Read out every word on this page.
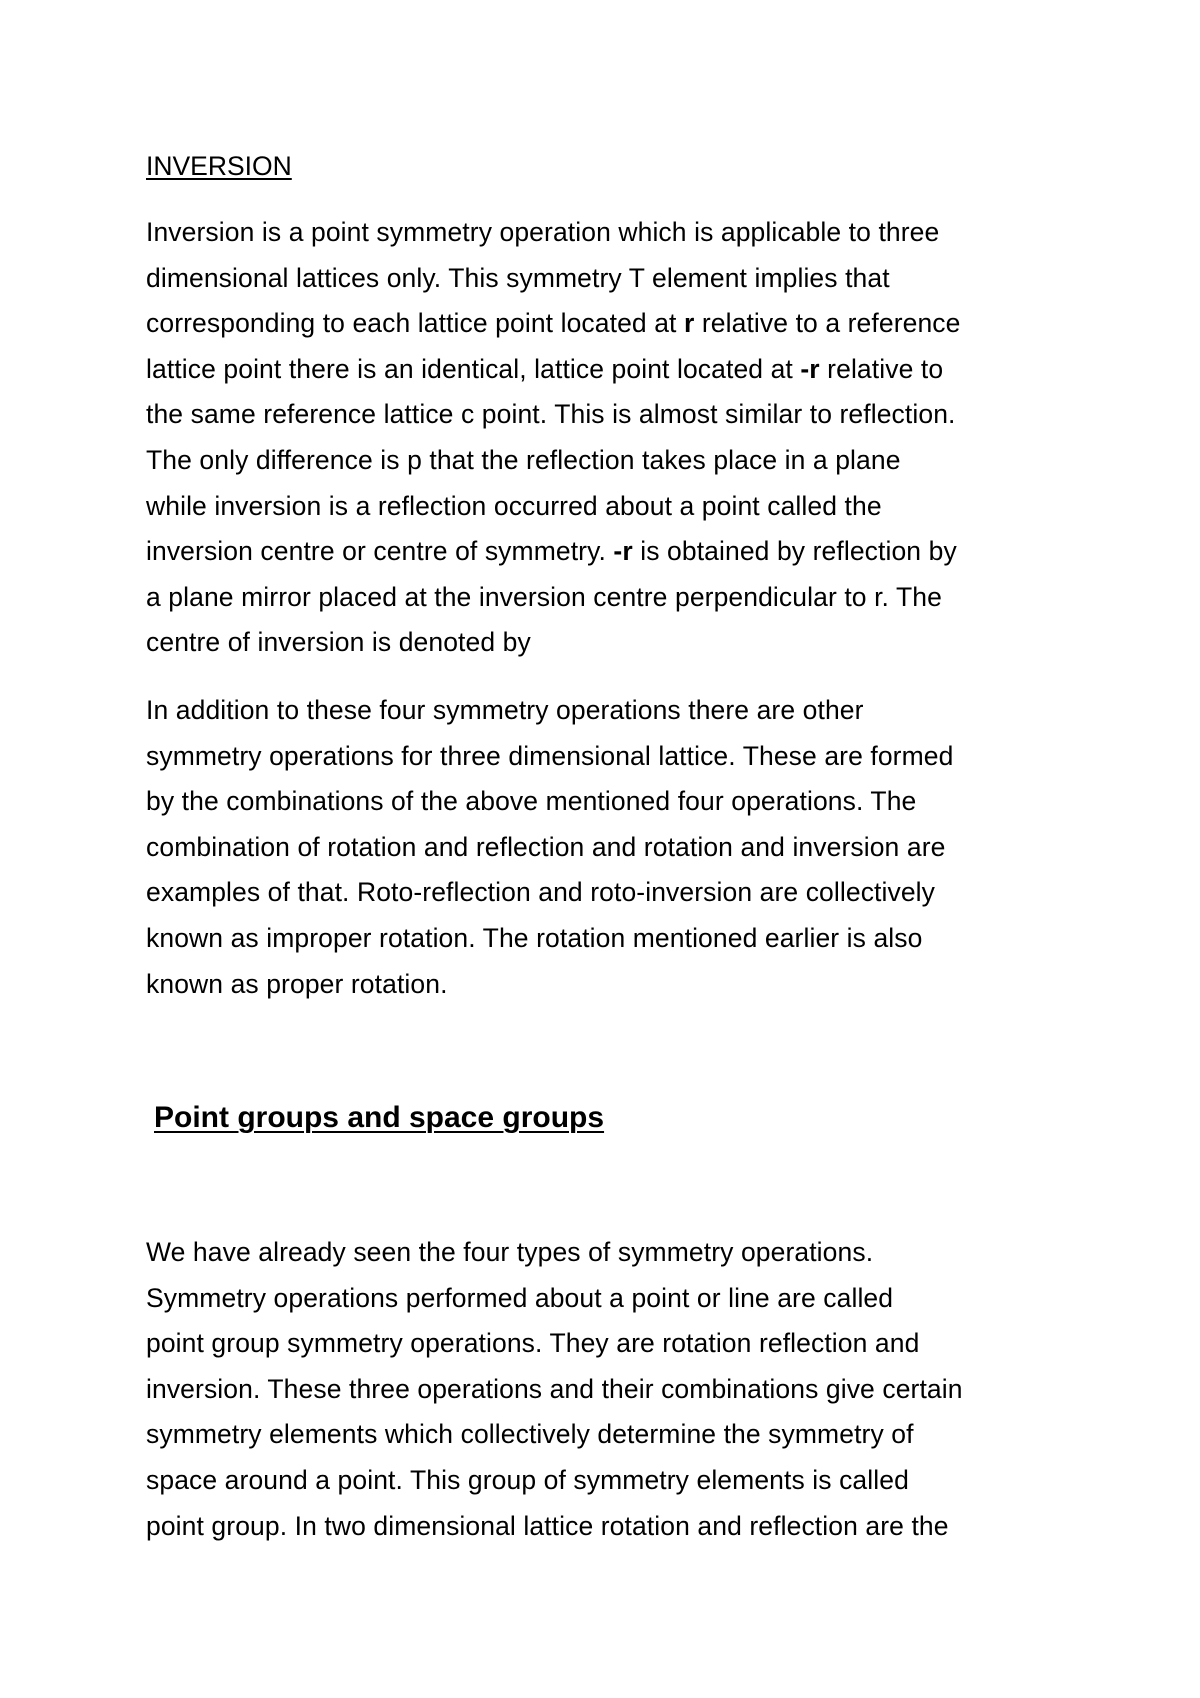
INVERSION
Inversion is a point symmetry operation which is applicable to three
dimensional lattices only. This symmetry T element implies that
corresponding to each lattice point located at r relative to a reference
lattice point there is an identical, lattice point located at -r relative to
the same reference lattice c point. This is almost similar to reflection.
The only difference is p that the reflection takes place in a plane
while inversion is a reflection occurred about a point called the
inversion centre or centre of symmetry. -r is obtained by reflection by
a plane mirror placed at the inversion centre perpendicular to r. The
centre of inversion is denoted by
In addition to these four symmetry operations there are other
symmetry operations for three dimensional lattice. These are formed
by the combinations of the above mentioned four operations. The
combination of rotation and reflection and rotation and inversion are
examples of that. Roto-reflection and roto-inversion are collectively
known as improper rotation. The rotation mentioned earlier is also
known as proper rotation.
Point groups and space groups
We have already seen the four types of symmetry operations.
Symmetry operations performed about a point or line are called
point group symmetry operations. They are rotation reflection and
inversion. These three operations and their combinations give certain
symmetry elements which collectively determine the symmetry of
space around a point. This group of symmetry elements is called
point group. In two dimensional lattice rotation and reflection are the
